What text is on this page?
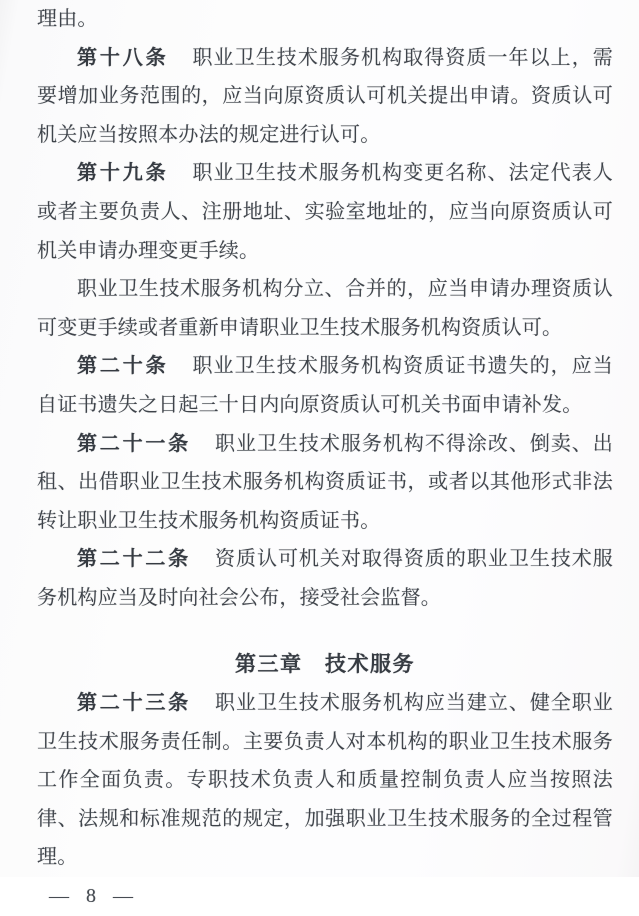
理由。

第十八条 职业卫生技术服务机构取得资质一年以上，需要增加业务范围的，应当向原资质认可机关提出申请。资质认可机关应当按照本办法的规定进行认可。

第十九条 职业卫生技术服务机构变更名称、法定代表人或者主要负责人、注册地址、实验室地址的，应当向原资质认可机关申请办理变更手续。

职业卫生技术服务机构分立、合并的，应当申请办理资质认可变更手续或者重新申请职业卫生技术服务机构资质认可。

第二十条 职业卫生技术服务机构资质证书遗失的，应当自证书遗失之日起三十日内向原资质认可机关书面申请补发。

第二十一条 职业卫生技术服务机构不得涂改、倒卖、出租、出借职业卫生技术服务机构资质证书，或者以其他形式非法转让职业卫生技术服务机构资质证书。

第二十二条 资质认可机关对取得资质的职业卫生技术服务机构应当及时向社会公布，接受社会监督。

第三章　技术服务

第二十三条 职业卫生技术服务机构应当建立、健全职业卫生技术服务责任制。主要负责人对本机构的职业卫生技术服务工作全面负责。专职技术负责人和质量控制负责人应当按照法律、法规和标准规范的规定，加强职业卫生技术服务的全过程管理。

— 8 —
